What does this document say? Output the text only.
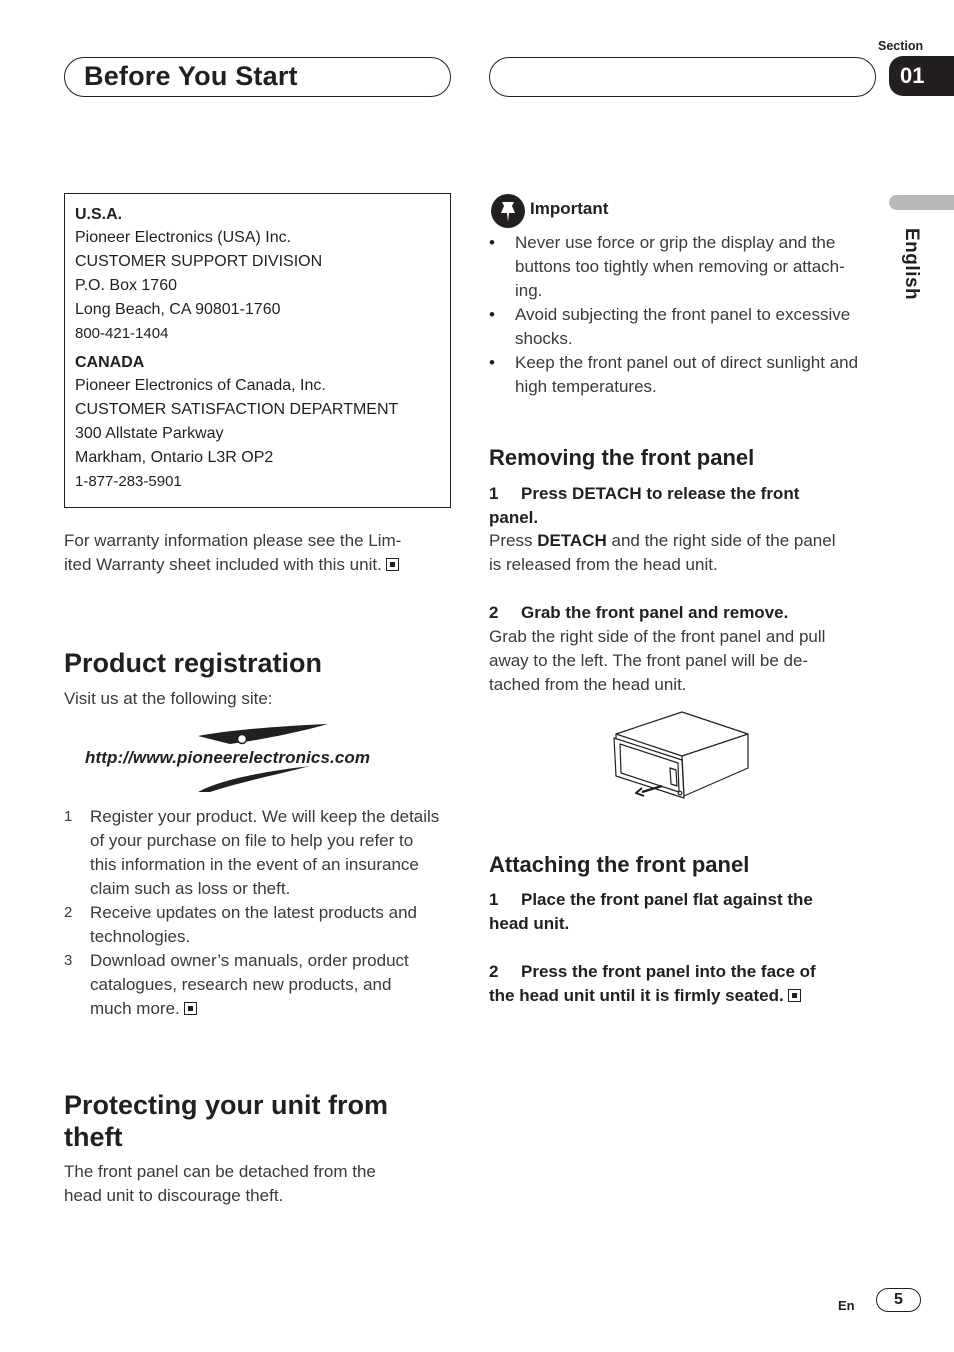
Before You Start
Section
01
English

U.S.A.

Pioneer Electronics (USA) Inc.

CUSTOMER SUPPORT DIVISION

P.O. Box 1760

Long Beach, CA 90801-1760

800-421-1404

CANADA

Pioneer Electronics of Canada, Inc.

CUSTOMER SATISFACTION DEPARTMENT

300 Allstate Parkway

Markham, Ontario L3R OP2

1-877-283-5901

For warranty information please see the Lim-
ited Warranty sheet included with this unit.
Product registration
Visit us at the following site:
http://www.pioneerelectronics.com
1 Register your product. We will keep the details
of your purchase on file to help you refer to
this information in the event of an insurance
claim such as loss or theft.
2 Receive updates on the latest products and
technologies.
3 Download owner’s manuals, order product
catalogues, research new products, and
much more.
Protecting your unit from
theft
The front panel can be detached from the
head unit to discourage theft.
Important
• Never use force or grip the display and the
buttons too tightly when removing or attach-
ing.
• Avoid subjecting the front panel to excessive
shocks.
• Keep the front panel out of direct sunlight and
high temperatures.
Removing the front panel
1 Press DETACH to release the front
panel.
Press DETACH and the right side of the panel
is released from the head unit.
2 Grab the front panel and remove.
Grab the right side of the front panel and pull
away to the left. The front panel will be de-
tached from the head unit.
Attaching the front panel
1 Place the front panel flat against the
head unit.
2 Press the front panel into the face of
the head unit until it is firmly seated.
En	5
